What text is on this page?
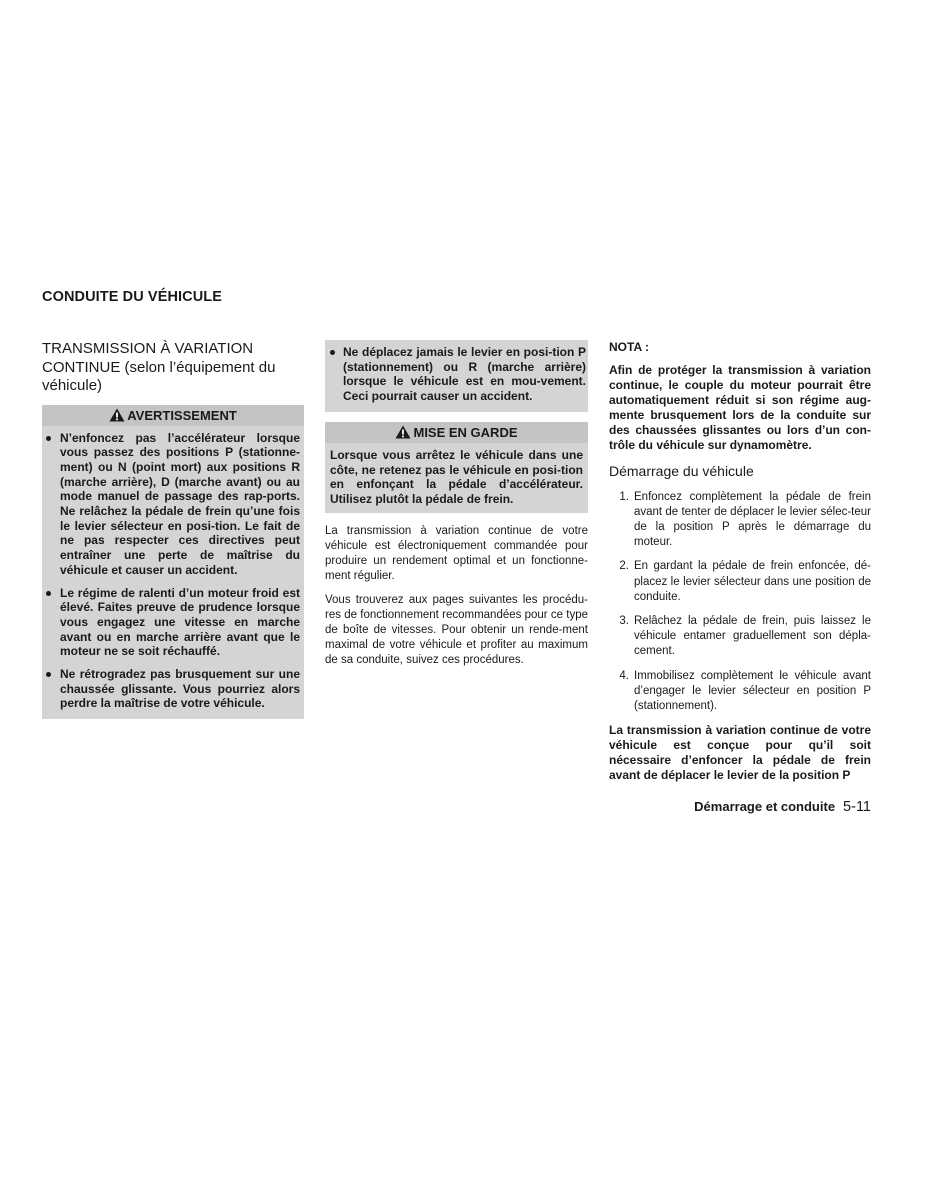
CONDUITE DU VÉHICULE
TRANSMISSION À VARIATION CONTINUE (selon l’équipement du véhicule)
AVERTISSEMENT
N’enfoncez pas l’accélérateur lorsque vous passez des positions P (stationne-ment) ou N (point mort) aux positions R (marche arrière), D (marche avant) ou au mode manuel de passage des rap-ports. Ne relâchez la pédale de frein qu’une fois le levier sélecteur en posi-tion. Le fait de ne pas respecter ces directives peut entraîner une perte de maîtrise du véhicule et causer un accident.
Le régime de ralenti d’un moteur froid est élevé. Faites preuve de prudence lorsque vous engagez une vitesse en marche avant ou en marche arrière avant que le moteur ne se soit réchauffé.
Ne rétrogradez pas brusquement sur une chaussée glissante. Vous pourriez alors perdre la maîtrise de votre véhicule.
Ne déplacez jamais le levier en posi-tion P (stationnement) ou R (marche arrière) lorsque le véhicule est en mou-vement. Ceci pourrait causer un accident.
MISE EN GARDE

Lorsque vous arrêtez le véhicule dans une côte, ne retenez pas le véhicule en posi-tion en enfonçant la pédale d’accélérateur. Utilisez plutôt la pédale de frein.

La transmission à variation continue de votre véhicule est électroniquement commandée pour produire un rendement optimal et un fonctionne-ment régulier.

Vous trouverez aux pages suivantes les procédu-res de fonctionnement recommandées pour ce type de boîte de vitesses. Pour obtenir un rende-ment maximal de votre véhicule et profiter au maximum de sa conduite, suivez ces procédures.

NOTA :

Afin de protéger la transmission à variation continue, le couple du moteur pourrait être automatiquement réduit si son régime aug-mente brusquement lors de la conduite sur des chaussées glissantes ou lors d’un con-trôle du véhicule sur dynamomètre.

Démarrage du véhicule
1. Enfoncez complètement la pédale de frein avant de tenter de déplacer le levier sélec-teur de la position P après le démarrage du moteur.
2. En gardant la pédale de frein enfoncée, dé-placez le levier sélecteur dans une position de conduite.
3. Relâchez la pédale de frein, puis laissez le véhicule entamer graduellement son dépla-cement.
4. Immobilisez complètement le véhicule avant d’engager le levier sélecteur en position P (stationnement).

La transmission à variation continue de votre véhicule est conçue pour qu’il soit nécessaire d’enfoncer la pédale de frein avant de déplacer le levier de la position P

Démarrage et conduite 5-11
